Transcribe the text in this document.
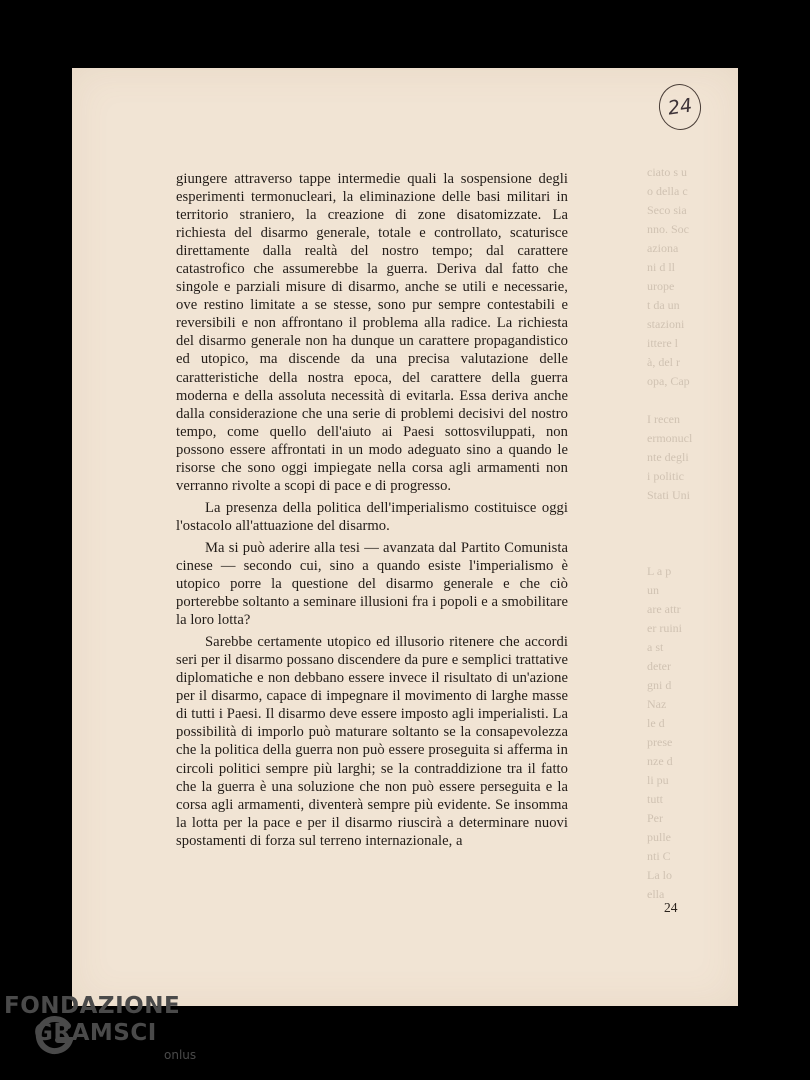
ciato s u
o della c
Seco sia
nno. Soc
aziona
ni d ll
urope
t da un
stazioni
ittere l
à, del r
opa, Cap

I recen
ermonucl
nte degli
i politic
Stati Uni

L a p
un
are attr
er ruini
a st
deter
gni d
Naz
le d
prese
nze d
li pu
tutt
Per
pulle
nti C
La lo
ella
24

giungere attraverso tappe intermedie quali la sospensione degli esperimenti termonucleari, la eliminazione delle basi militari in territorio straniero, la creazione di zone disatomizzate. La richiesta del disarmo generale, totale e controllato, scaturisce direttamente dalla realtà del nostro tempo; dal carattere catastrofico che assumerebbe la guerra. Deriva dal fatto che singole e parziali misure di disarmo, anche se utili e necessarie, ove restino limitate a se stesse, sono pur sempre contestabili e reversibili e non affrontano il problema alla radice. La richiesta del disarmo generale non ha dunque un carattere propagandistico ed utopico, ma discende da una precisa valutazione delle caratteristiche della nostra epoca, del carattere della guerra moderna e della assoluta necessità di evitarla. Essa deriva anche dalla considerazione che una serie di problemi decisivi del nostro tempo, come quello dell'aiuto ai Paesi sottosviluppati, non possono essere affrontati in un modo adeguato sino a quando le risorse che sono oggi impiegate nella corsa agli armamenti non verranno rivolte a scopi di pace e di progresso.

La presenza della politica dell'imperialismo costituisce oggi l'ostacolo all'attuazione del disarmo.

Ma si può aderire alla tesi — avanzata dal Partito Comunista cinese — secondo cui, sino a quando esiste l'imperialismo è utopico porre la questione del disarmo generale e che ciò porterebbe soltanto a seminare illusioni fra i popoli e a smobilitare la loro lotta?

Sarebbe certamente utopico ed illusorio ritenere che accordi seri per il disarmo possano discendere da pure e semplici trattative diplomatiche e non debbano essere invece il risultato di un'azione per il disarmo, capace di impegnare il movimento di larghe masse di tutti i Paesi. Il disarmo deve essere imposto agli imperialisti. La possibilità di imporlo può maturare soltanto se la consapevolezza che la politica della guerra non può essere proseguita si afferma in circoli politici sempre più larghi; se la contraddizione tra il fatto che la guerra è una soluzione che non può essere perseguita e la corsa agli armamenti, diventerà sempre più evidente. Se insomma la lotta per la pace e per il disarmo riuscirà a determinare nuovi spostamenti di forza sul terreno internazionale, a

24
FONDAZIONE
GRAMSCI
onlus
